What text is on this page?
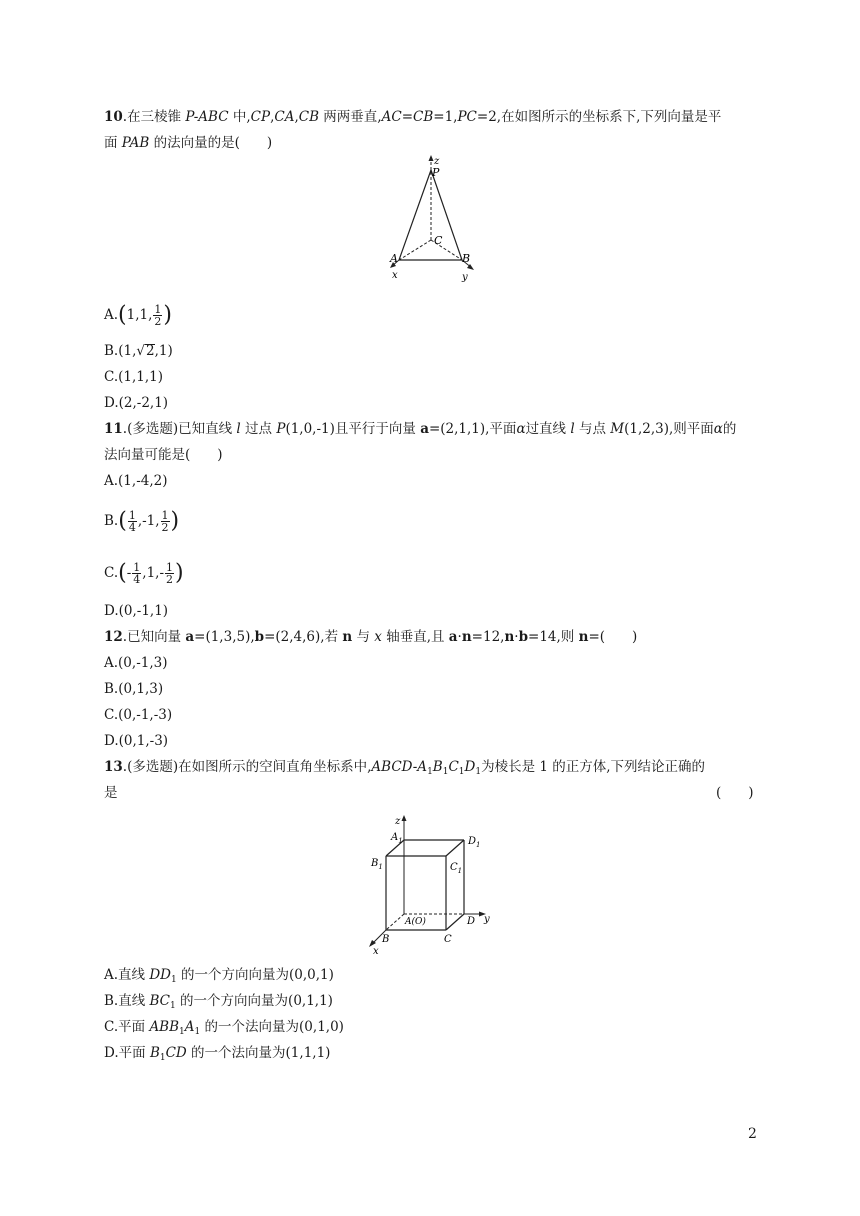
10.在三棱锥 P-ABC 中,CP,CA,CB 两两垂直,AC=CB=1,PC=2,在如图所示的坐标系下,下列向量是平
面 PAB 的法向量的是(　　)
z
P
C
A	B
x	y
A.(1,1, $\frac{1}{2}$ )
B.(1,√2,1)
C.(1,1,1)
D.(2,-2,1)
11.(多选题)已知直线 l 过点 P(1,0,-1)且平行于向量 a=(2,1,1),平面α过直线 l 与点 M(1,2,3),则平面α的
法向量可能是(　　)
A.(1,-4,2)
$B.( \frac{1}{4} ,-1$, $\frac{1}{2}$ )
$C.(- \frac{1}{4} ,1,- \frac{1}{2}$ )
D.(0,-1,1)
12.已知向量 a=(1,3,5),b=(2,4,6),若 n 与 x 轴垂直,且 a·n=12,n·b=14,则 n=(　　)
A.(0,-1,3)
B.(0,1,3)
C.(0,-1,-3)
D.(0,1,-3)
13.(多选题)在如图所示的空间直角坐标系中$,ABCD-A_1B_1C_1D_1$为棱长是 1 的正方体,下列结论正确的
是	(　　)
z
$A_1$	$D_1$
$B_1$	$C_1$
A(O)	D y
B	C
x
A.直线 $DD_1$ 的一个方向向量为(0,0,1)
B.直线 $BC_1$ 的一个方向向量为(0,1,1)
C.平面 $ABB_1A_1$ 的一个法向量为(0,1,0)
D.平面 $B_1CD$ 的一个法向量为(1,1,1)
2
